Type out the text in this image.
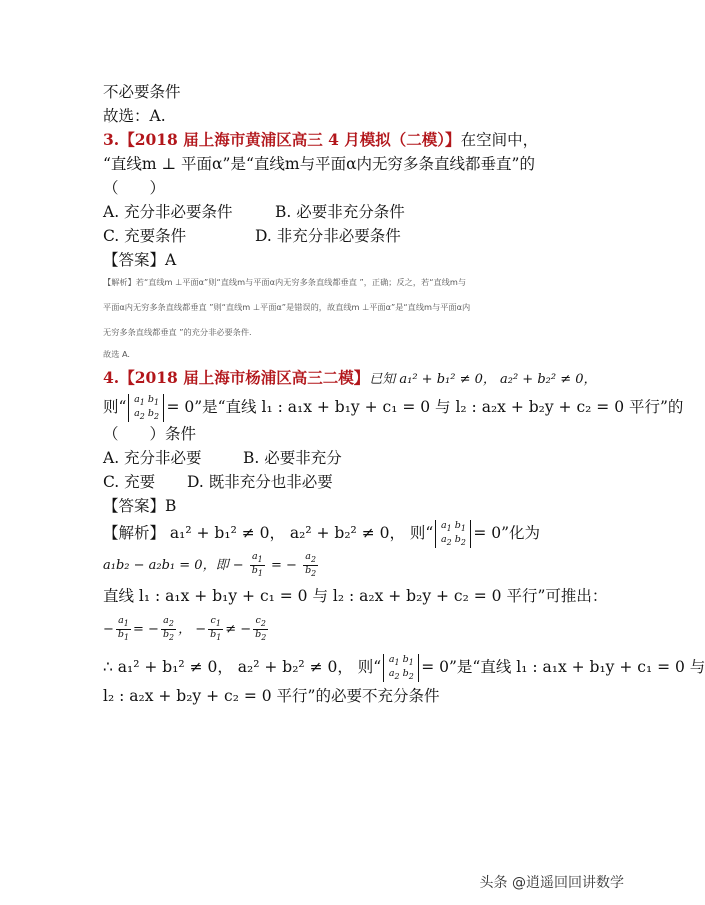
不必要条件
故选：A.
3.【2018 届上海市黄浦区高三 4 月模拟（二模）】在空间中，
“直线m ⊥ 平面α”是“直线m与平面α内无穷多条直线都垂直”的
（　　）
A. 充分非必要条件	B. 必要非充分条件
C. 充要条件	D. 非充分非必要条件
【答案】A
【解析】若“直线m ⊥平面α”则“直线m与平面α内无穷多条直线都垂直 ”，正确；反之，若“直线m与
平面α内无穷多条直线都垂直 ”则“直线m ⊥平面α”是错误的，故直线m ⊥平面α”是“直线m与平面α内
无穷多条直线都垂直 ”的充分非必要条件.
故选 A.
4.【2018 届上海市杨浦区高三二模】已知 a₁² + b₁² ≠ 0， a₂² + b₂² ≠ 0，
则“ $a_1$ $b_1$
$a_2$ $b_2= 0$”是“直线 l₁ : a₁x + b₁y + c₁ = 0 与 l₂ : a₂x + b₂y + c₂ = 0 平行”的
（　　）条件
A. 充分非必要	B. 必要非充分
C. 充要 D. 既非充分也非必要
【答案】B
【解析】 a₁² + b₁² ≠ 0， a₂² + b₂² ≠ 0， 则“ $a_1$ $b_1$
$a_2$ $b_2= 0$”化为
a₁b₂ − a₂b₁ = 0，即 − $\frac{a_1}{b_1}$ = − $\frac{a_2}{b_2}$
直线 l₁ : a₁x + b₁y + c₁ = 0 与 l₂ : a₂x + b₂y + c₂ = 0 平行”可推出：
− $\frac{a_1}{b_1}$ = − $\frac{a_2}{b_2}$ ， − $\frac{c_1}{b_1}$ ≠ − $\frac{c_2}{b_2}$
∴ a₁² + b₁² ≠ 0， a₂² + b₂² ≠ 0， 则“ $a_1$ $b_1$
$a_2$ $b_2= 0$”是“直线 l₁ : a₁x + b₁y + c₁ = 0 与
l₂ : a₂x + b₂y + c₂ = 0 平行”的必要不充分条件
头条 @逍遥回回讲数学
